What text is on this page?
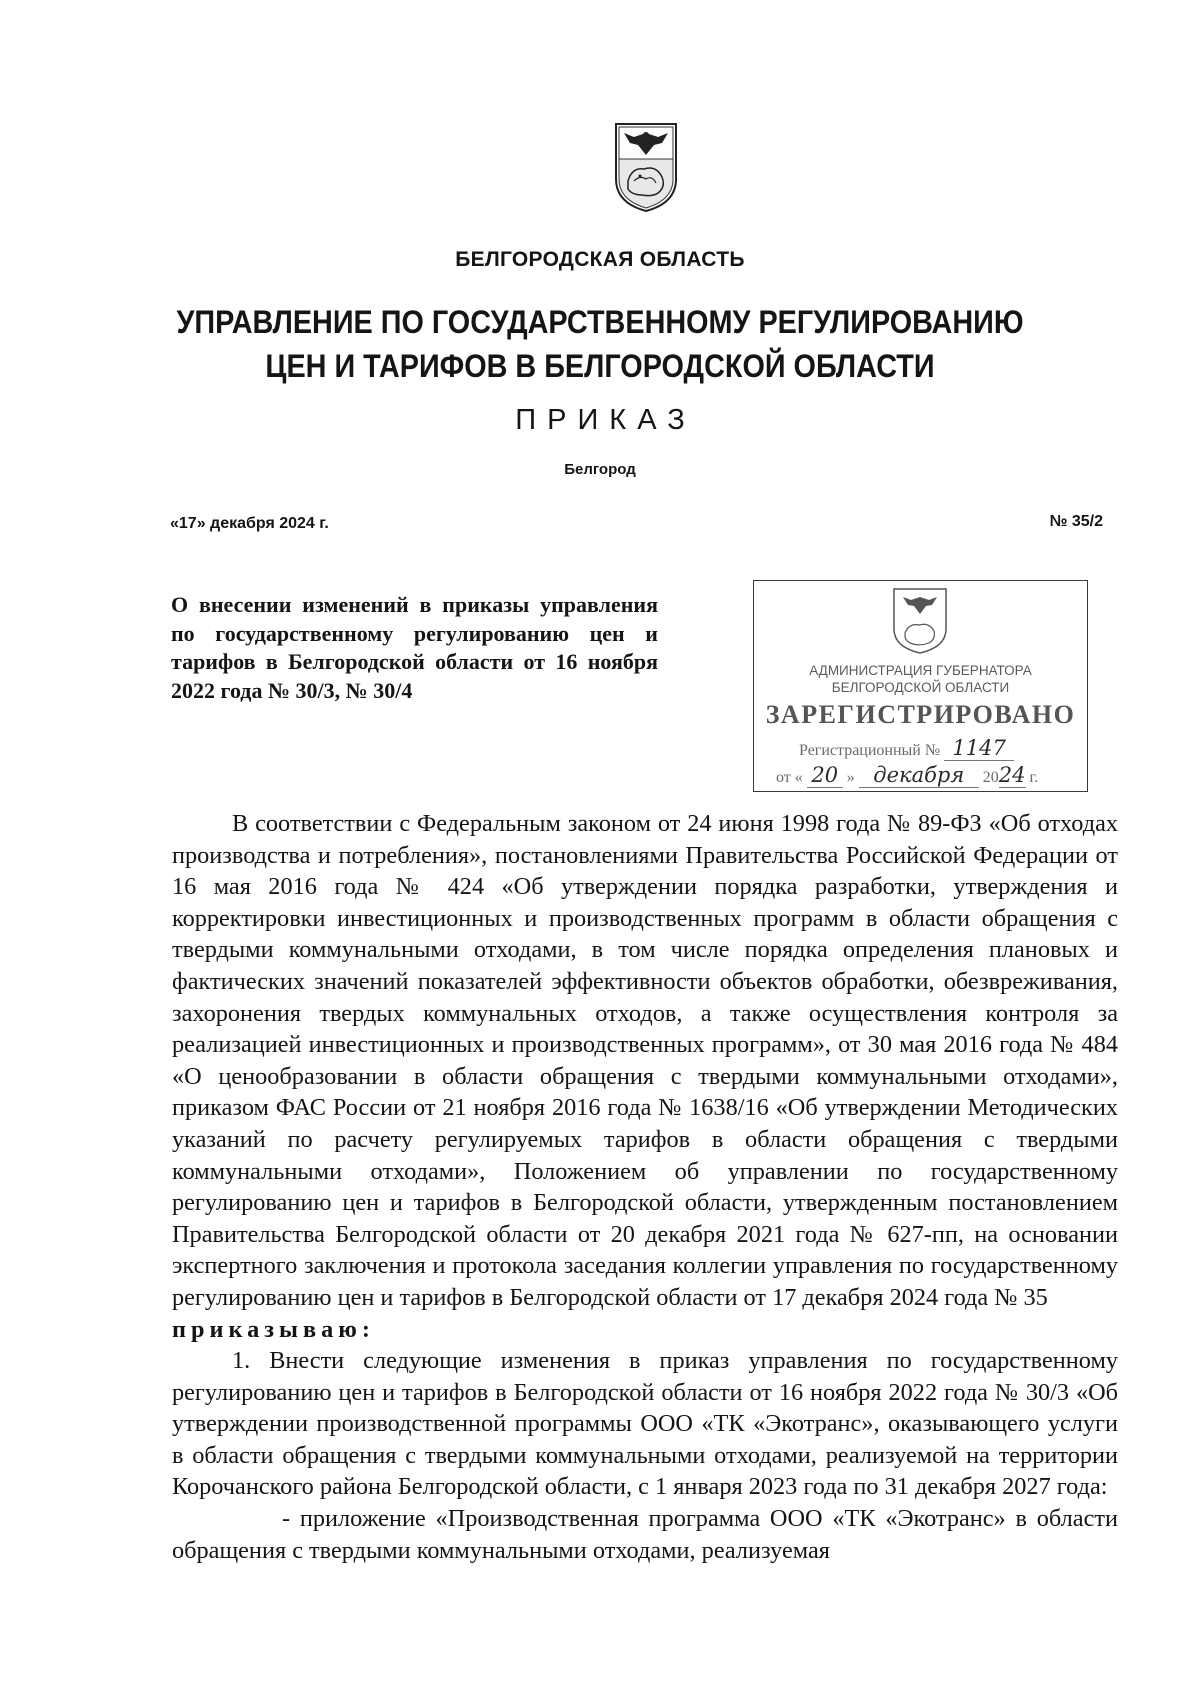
БЕЛГОРОДСКАЯ ОБЛАСТЬ
УПРАВЛЕНИЕ ПО ГОСУДАРСТВЕННОМУ РЕГУЛИРОВАНИЮ
ЦЕН И ТАРИФОВ В БЕЛГОРОДСКОЙ ОБЛАСТИ
ПРИКАЗ
Белгород
«17» декабря 2024 г.	№ 35/2
О внесении изменений в приказы управления по государственному регулированию цен и тарифов в Белгородской области от 16 ноября 2022 года № 30/3, № 30/4
АДМИНИСТРАЦИЯ ГУБЕРНАТОРА
БЕЛГОРОДСКОЙ ОБЛАСТИ
ЗАРЕГИСТРИРОВАНО
Регистрационный № 1147
от « 20 » декабря 2024 г.

В соответствии с Федеральным законом от 24 июня 1998 года № 89-ФЗ «Об отходах производства и потребления», постановлениями Правительства Российской Федерации от 16 мая 2016 года № 424 «Об утверждении порядка разработки, утверждения и корректировки инвестиционных и производственных программ в области обращения с твердыми коммунальными отходами, в том числе порядка определения плановых и фактических значений показателей эффективности объектов обработки, обезвреживания, захоронения твердых коммунальных отходов, а также осуществления контроля за реализацией инвестиционных и производственных программ», от 30 мая 2016 года № 484 «О ценообразовании в области обращения с твердыми коммунальными отходами», приказом ФАС России от 21 ноября 2016 года № 1638/16 «Об утверждении Методических указаний по расчету регулируемых тарифов в области обращения с твердыми коммунальными отходами», Положением об управлении по государственному регулированию цен и тарифов в Белгородской области, утвержденным постановлением Правительства Белгородской области от 20 декабря 2021 года № 627-пп, на основании экспертного заключения и протокола заседания коллегии управления по государственному регулированию цен и тарифов в Белгородской области от 17 декабря 2024 года № 35

приказываю:

1. Внести следующие изменения в приказ управления по государственному регулированию цен и тарифов в Белгородской области от 16 ноября 2022 года № 30/3 «Об утверждении производственной программы ООО «ТК «Экотранс», оказывающего услуги в области обращения с твердыми коммунальными отходами, реализуемой на территории Корочанского района Белгородской области, с 1 января 2023 года по 31 декабря 2027 года:

- приложение «Производственная программа ООО «ТК «Экотранс» в области обращения с твердыми коммунальными отходами, реализуемая
